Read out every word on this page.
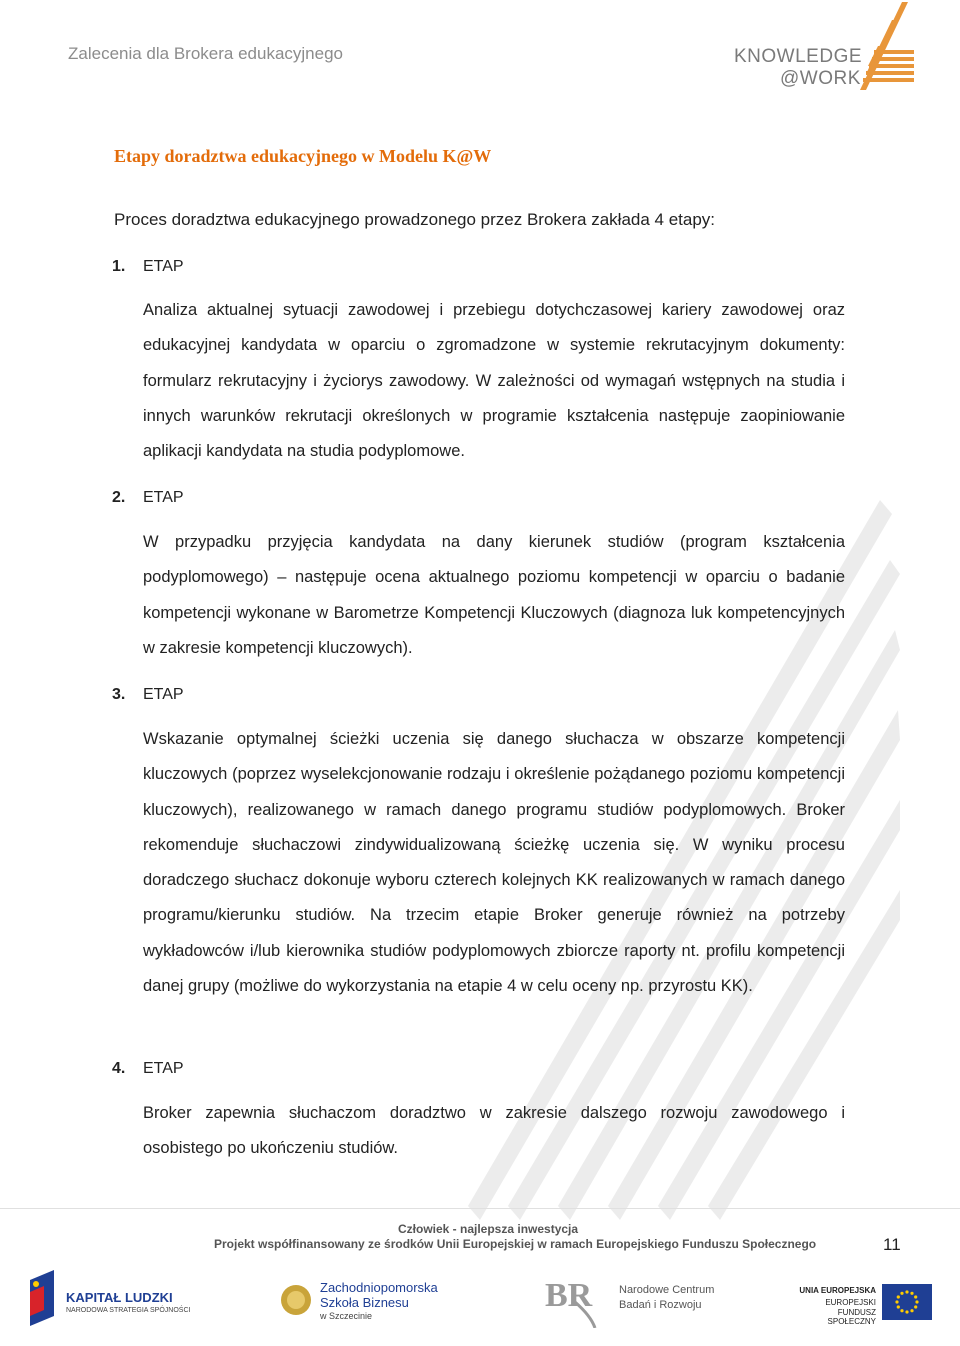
Zalecenia dla Brokera edukacyjnego	KNOWLEDGE
@WORK
Etapy doradztwa edukacyjnego w Modelu K@W
Proces doradztwa edukacyjnego prowadzonego przez Brokera zakłada 4 etapy:
1. ETAP

Analiza aktualnej sytuacji zawodowej i przebiegu dotychczasowej kariery zawodowej oraz edukacyjnej kandydata w oparciu o zgromadzone w systemie rekrutacyjnym dokumenty: formularz rekrutacyjny i życiorys zawodowy. W zależności od wymagań wstępnych na studia i innych warunków rekrutacji określonych w programie kształcenia następuje zaopiniowanie aplikacji kandydata na studia podyplomowe.

2. ETAP

W przypadku przyjęcia kandydata na dany kierunek studiów (program kształcenia podyplomowego) – następuje ocena aktualnego poziomu kompetencji w oparciu o badanie kompetencji wykonane w Barometrze Kompetencji Kluczowych (diagnoza luk kompetencyjnych w zakresie kompetencji kluczowych).

3. ETAP

Wskazanie optymalnej ścieżki uczenia się danego słuchacza w obszarze kompetencji kluczowych (poprzez wyselekcjonowanie rodzaju i określenie pożądanego poziomu kompetencji kluczowych), realizowanego w ramach danego programu studiów podyplomowych. Broker rekomenduje słuchaczowi zindywidualizowaną ścieżkę uczenia się. W wyniku procesu doradczego słuchacz dokonuje wyboru czterech kolejnych KK realizowanych w ramach danego programu/kierunku studiów. Na trzecim etapie Broker generuje również na potrzeby wykładowców i/lub kierownika studiów podyplomowych zbiorcze raporty nt. profilu kompetencji danej grupy (możliwe do wykorzystania na etapie 4 w celu oceny np. przyrostu KK).

4. ETAP

Broker zapewnia słuchaczom doradztwo w zakresie dalszego rozwoju zawodowego i osobistego po ukończeniu studiów.

Człowiek - najlepsza inwestycja
Projekt współfinansowany ze środków Unii Europejskiej w ramach Europejskiego Funduszu Społecznego	11
KAPITAŁ LUDZKI
NARODOWA STRATEGIA SPÓJNOŚCI
Zachodniopomorska
Szkoła Biznesu
w Szczecinie
BR Narodowe Centrum
Badań i Rozwoju
UNIA EUROPEJSKA
EUROPEJSKI
FUNDUSZ SPOŁECZNY
